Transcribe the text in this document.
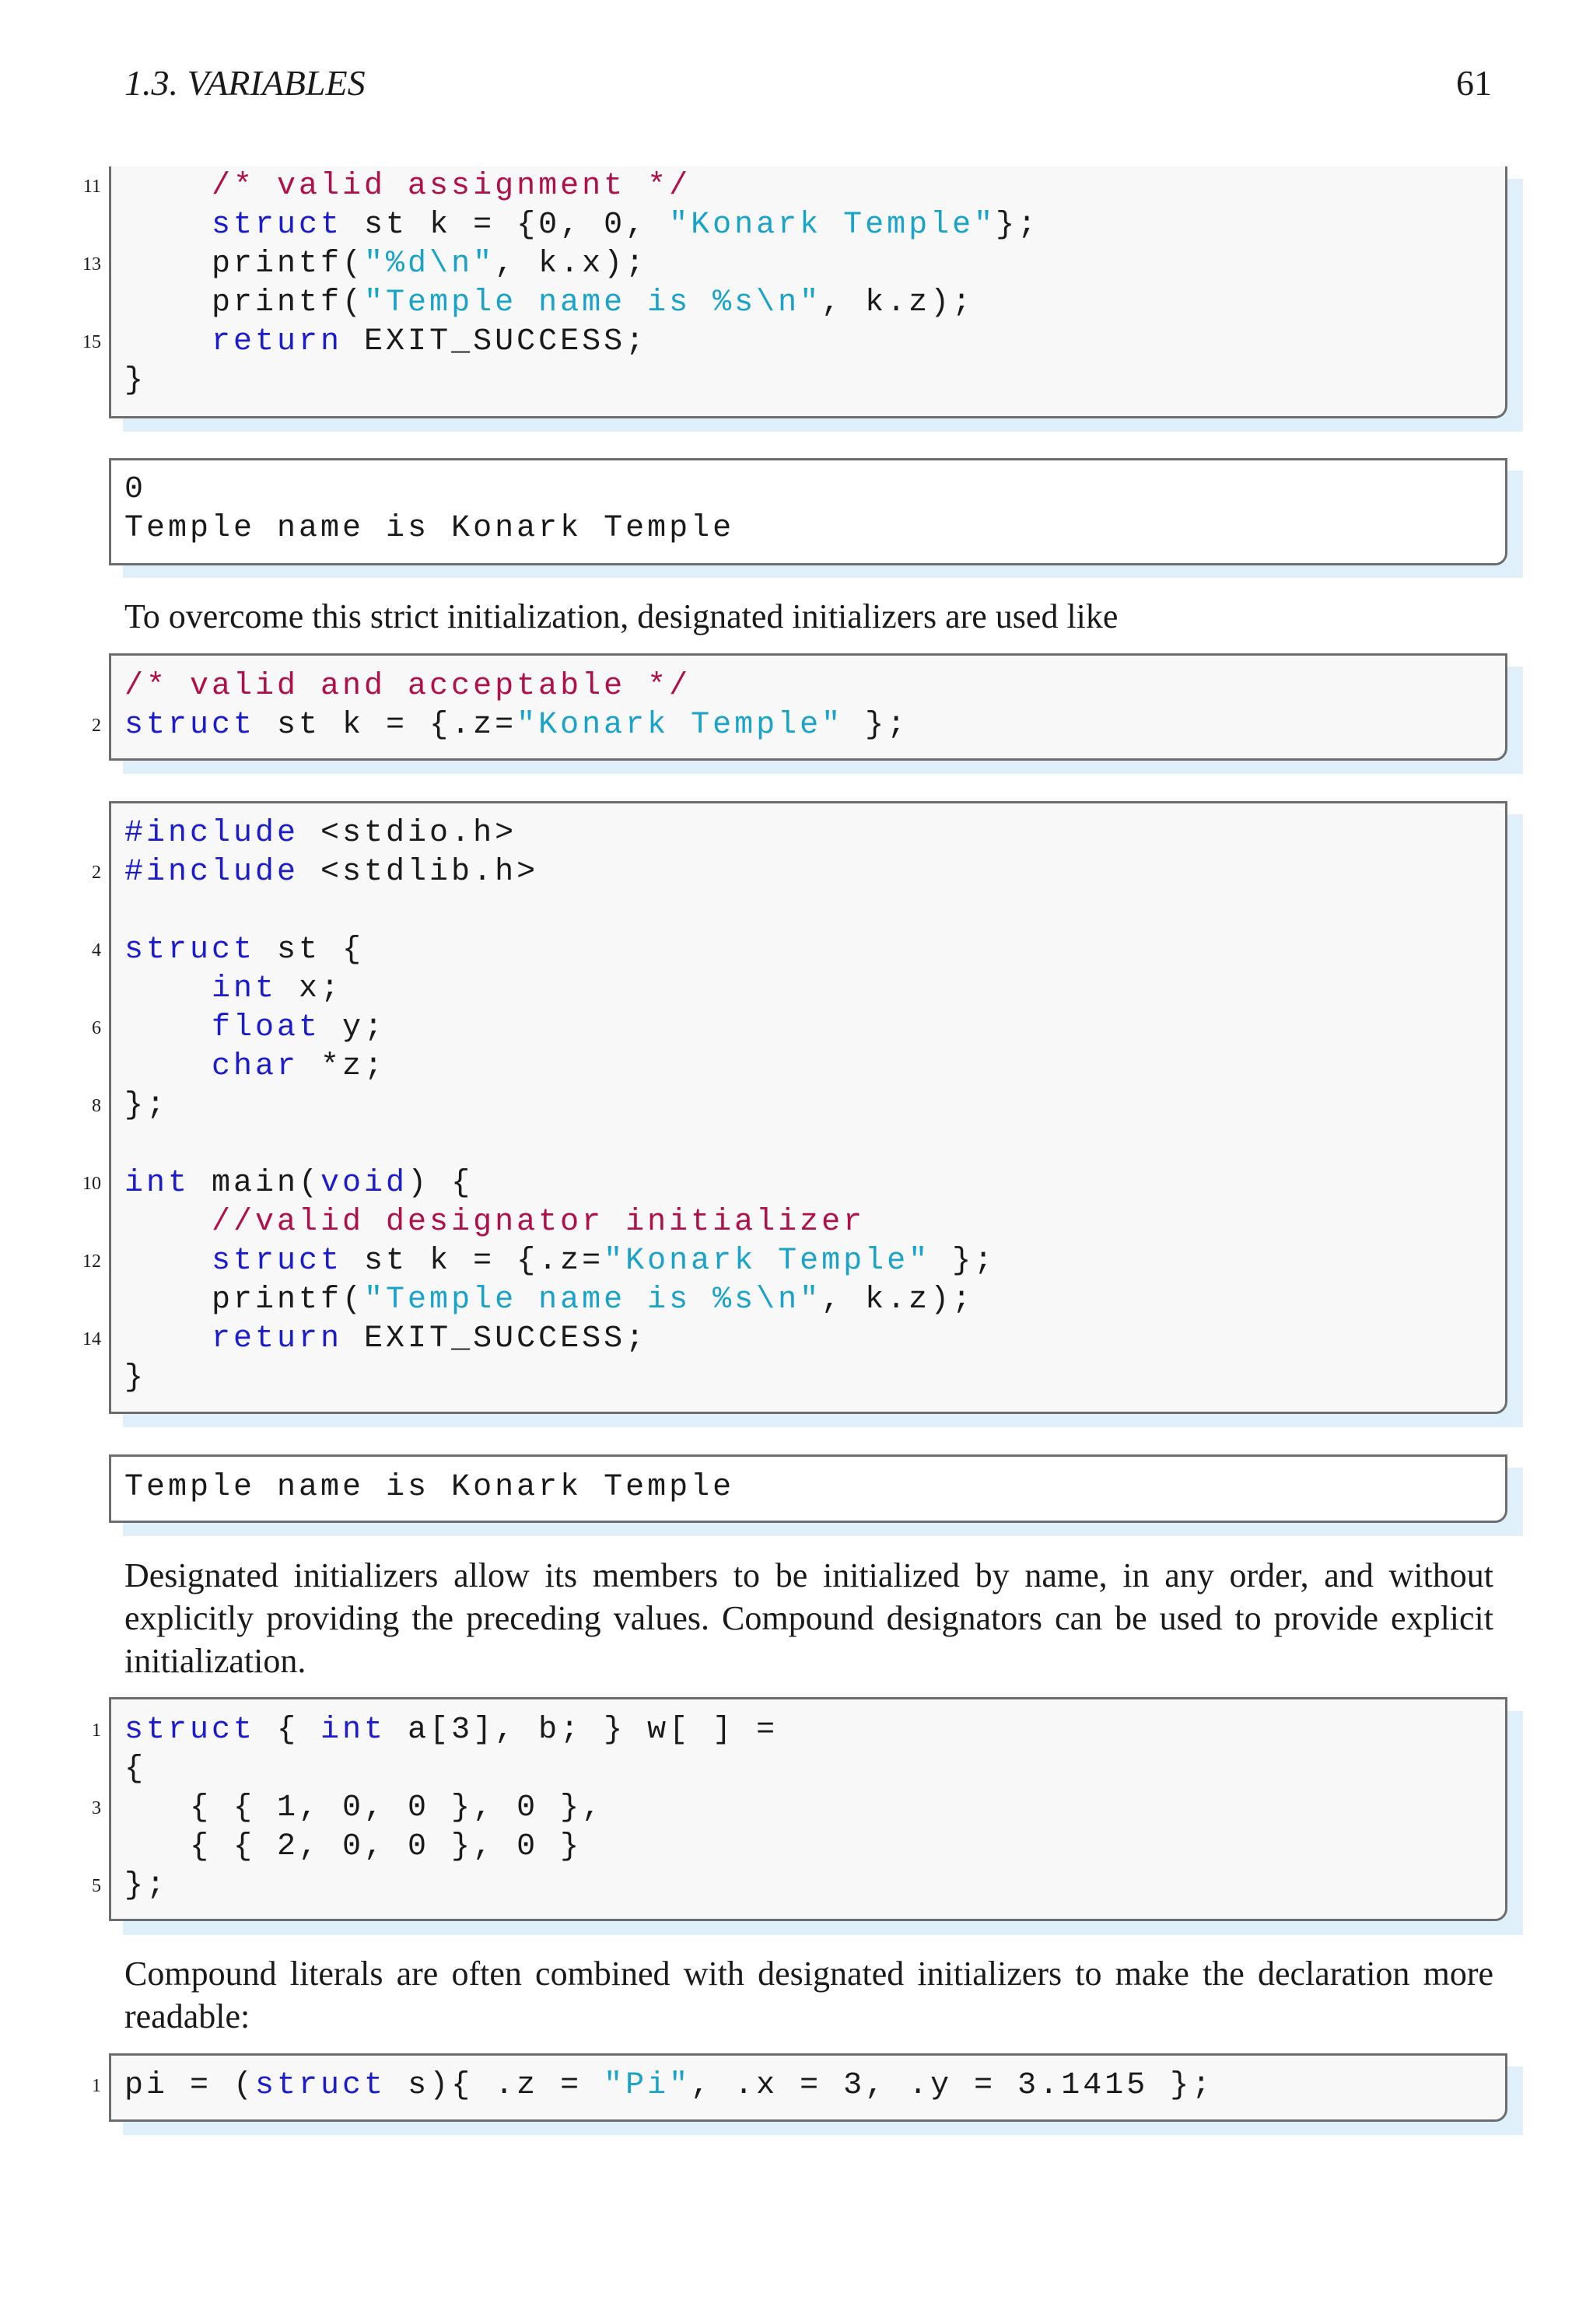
1.3. VARIABLES	61
11
13
15
/* valid assignment */
struct st k = {0, 0, "Konark Temple"};
printf("%d\n", k.x);
printf("Temple name is %s\n", k.z);
return EXIT_SUCCESS;
}
0
Temple name is Konark Temple

To overcome this strict initialization, designated initializers are used like

2
/* valid and acceptable */
struct st k = {.z="Konark Temple" };
2
4
6
8
10
12
14
#include <stdio.h>
#include <stdlib.h>
struct st {
int x;
float y;
char *z;
};
int main(void) {
//valid designator initializer
struct st k = {.z="Konark Temple" };
printf("Temple name is %s\n", k.z);
return EXIT_SUCCESS;
}
Temple name is Konark Temple

Designated initializers allow its members to be initialized by name, in any order, and without explicitly providing the preceding values. Compound designators can be used to provide explicit initialization.

1
3
5
struct { int a[3], b; } w[ ] =
{
{ { 1, 0, 0 }, 0 },
{ { 2, 0, 0 }, 0 }
};

Compound literals are often combined with designated initializers to make the declaration more readable:

1 pi = (struct s){ .z = "Pi", .x = 3, .y = 3.1415 };
